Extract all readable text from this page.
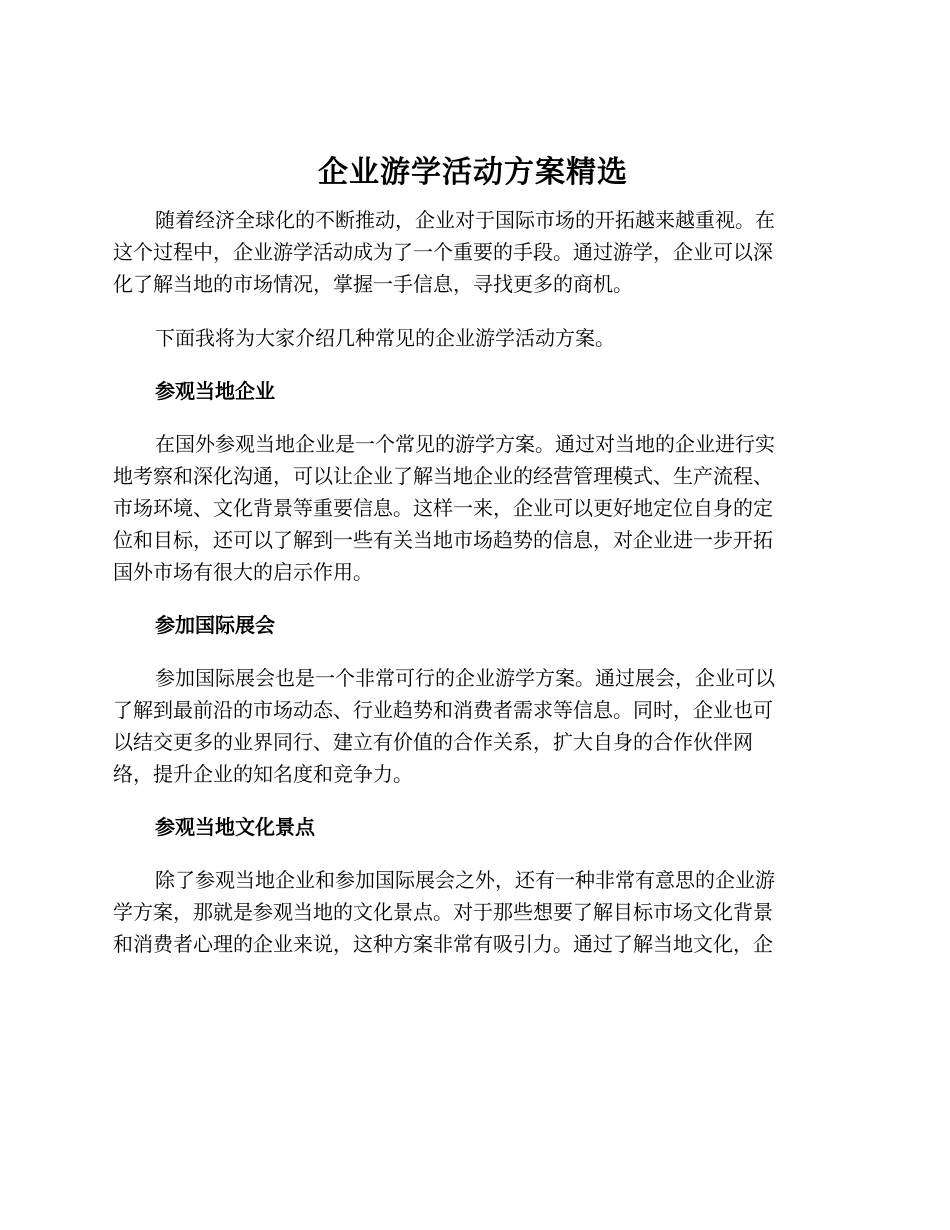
企业游学活动方案精选

随着经济全球化的不断推动，企业对于国际市场的开拓越来越重视。在
这个过程中，企业游学活动成为了一个重要的手段。通过游学，企业可以深
化了解当地的市场情况，掌握一手信息，寻找更多的商机。

下面我将为大家介绍几种常见的企业游学活动方案。

参观当地企业

在国外参观当地企业是一个常见的游学方案。通过对当地的企业进行实
地考察和深化沟通，可以让企业了解当地企业的经营管理模式、生产流程、
市场环境、文化背景等重要信息。这样一来，企业可以更好地定位自身的定
位和目标，还可以了解到一些有关当地市场趋势的信息，对企业进一步开拓
国外市场有很大的启示作用。

参加国际展会

参加国际展会也是一个非常可行的企业游学方案。通过展会，企业可以
了解到最前沿的市场动态、行业趋势和消费者需求等信息。同时，企业也可
以结交更多的业界同行、建立有价值的合作关系，扩大自身的合作伙伴网
络，提升企业的知名度和竞争力。

参观当地文化景点

除了参观当地企业和参加国际展会之外，还有一种非常有意思的企业游
学方案，那就是参观当地的文化景点。对于那些想要了解目标市场文化背景
和消费者心理的企业来说，这种方案非常有吸引力。通过了解当地文化，企
